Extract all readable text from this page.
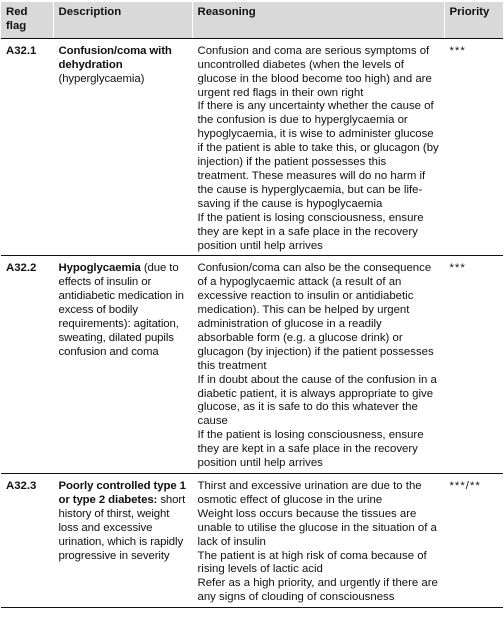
Red flag	Description	Reasoning	Priority
A32.1	Confusion/coma with dehydration (hyperglycaemia)	Confusion and coma are serious symptoms of uncontrolled diabetes (when the levels of glucose in the blood become too high) and are urgent red flags in their own right

If there is any uncertainty whether the cause of the confusion is due to hyperglycaemia or hypoglycaemia, it is wise to administer glucose if the patient is able to take this, or glucagon (by injection) if the patient possesses this treatment. These measures will do no harm if the cause is hyperglycaemia, but can be life-saving if the cause is hypoglycaemia

If the patient is losing consciousness, ensure they are kept in a safe place in the recovery position until help arrives	***
A32.2	Hypoglycaemia (due to effects of insulin or antidiabetic medication in excess of bodily requirements): agitation, sweating, dilated pupils confusion and coma	Confusion/coma can also be the consequence of a hypoglycaemic attack (a result of an excessive reaction to insulin or antidiabetic medication). This can be helped by urgent administration of glucose in a readily absorbable form (e.g. a glucose drink) or glucagon (by injection) if the patient possesses this treatment

If in doubt about the cause of the confusion in a diabetic patient, it is always appropriate to give glucose, as it is safe to do this whatever the cause

If the patient is losing consciousness, ensure they are kept in a safe place in the recovery position until help arrives	***
A32.3	Poorly controlled type 1 or type 2 diabetes: short history of thirst, weight loss and excessive urination, which is rapidly progressive in severity	Thirst and excessive urination are due to the osmotic effect of glucose in the urine

Weight loss occurs because the tissues are unable to utilise the glucose in the situation of a lack of insulin

The patient is at high risk of coma because of rising levels of lactic acid

Refer as a high priority, and urgently if there are any signs of clouding of consciousness	***/**
